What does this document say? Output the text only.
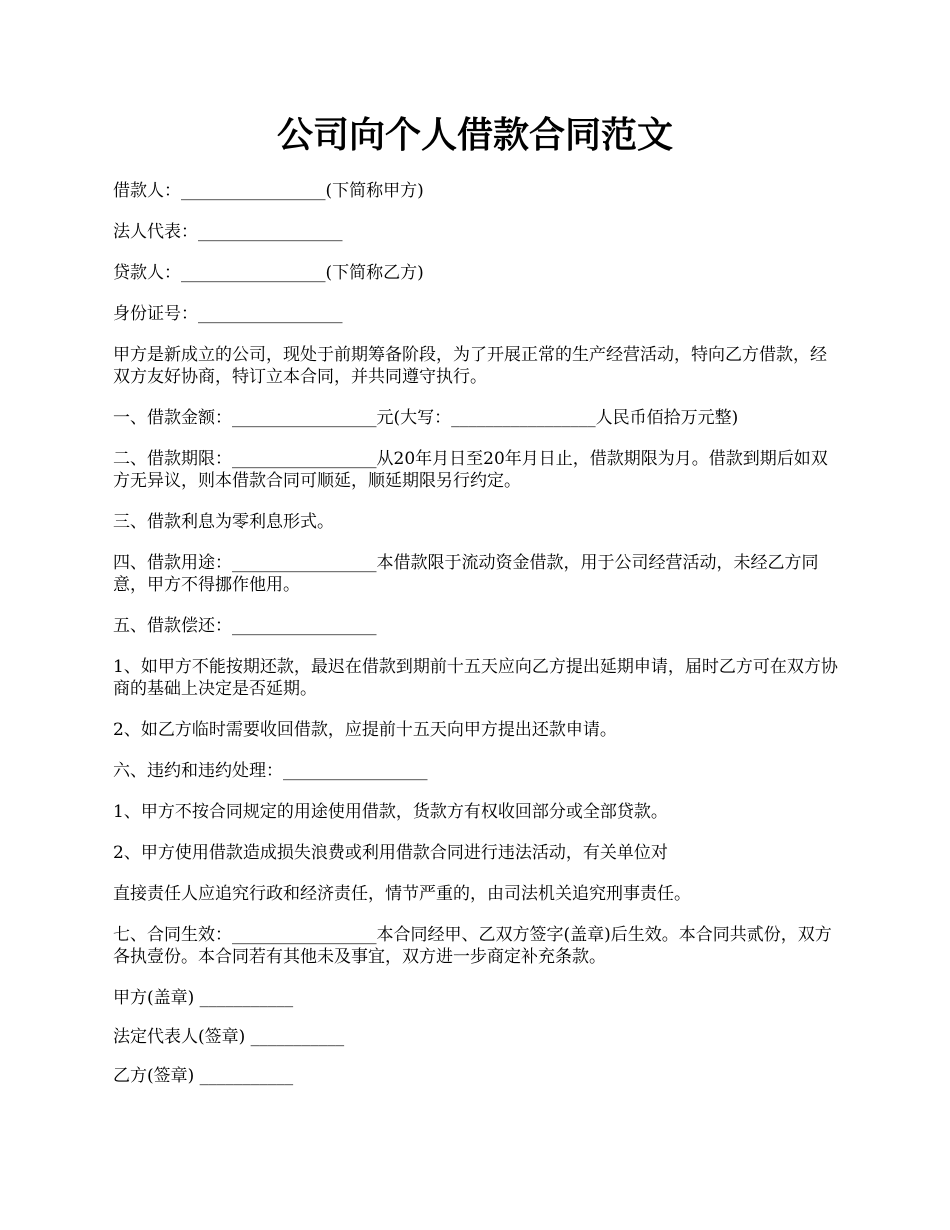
公司向个人借款合同范文

借款人：_________________(下简称甲方)

法人代表：_________________

贷款人：_________________(下简称乙方)

身份证号：_________________

甲方是新成立的公司，现处于前期筹备阶段，为了开展正常的生产经营活动，特向乙方借款，经双方友好协商，特订立本合同，并共同遵守执行。

一、借款金额：_________________元(大写：_________________人民币佰拾万元整)

二、借款期限：_________________从20年月日至20年月日止，借款期限为月。借款到期后如双方无异议，则本借款合同可顺延，顺延期限另行约定。

三、借款利息为零利息形式。

四、借款用途：_________________本借款限于流动资金借款，用于公司经营活动，未经乙方同意，甲方不得挪作他用。

五、借款偿还：_________________

1、如甲方不能按期还款，最迟在借款到期前十五天应向乙方提出延期申请，届时乙方可在双方协商的基础上决定是否延期。

2、如乙方临时需要收回借款，应提前十五天向甲方提出还款申请。

六、违约和违约处理：_________________

1、甲方不按合同规定的用途使用借款，货款方有权收回部分或全部贷款。

2、甲方使用借款造成损失浪费或利用借款合同进行违法活动，有关单位对

直接责任人应追究行政和经济责任，情节严重的，由司法机关追究刑事责任。

七、合同生效：_________________本合同经甲、乙双方签字(盖章)后生效。本合同共贰份，双方各执壹份。本合同若有其他未及事宜，双方进一步商定补充条款。

甲方(盖章) ___________

法定代表人(签章) ___________

乙方(签章) ___________
